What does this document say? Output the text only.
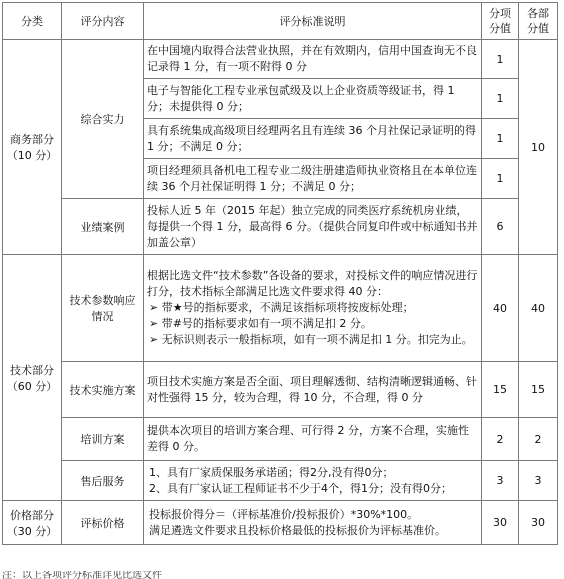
分类	评分内容	评分标准说明	分项分值	各部分值
商务部分（10 分）	综合实力	在中国境内取得合法营业执照，并在有效期内，信用中国查询无不良记录得 1 分，有一项不附得 0 分	1	10
		电子与智能化工程专业承包贰级及以上企业资质等级证书，得 1 分；未提供得 0 分；	1	
		具有系统集成高级项目经理两名且有连续 36 个月社保记录证明的得 1 分；不满足 0 分；	1	
		项目经理须具备机电工程专业二级注册建造师执业资格且在本单位连续 36 个月社保证明得 1 分；不满足 0 分；	1	
	业绩案例	投标人近 5 年（2015 年起）独立完成的同类医疗系统机房业绩，每提供一个得 1 分，最高得 6 分。（提供合同复印件或中标通知书并加盖公章）	6	
技术部分（60 分）	技术参数响应情况	根据比选文件“技术参数”各设备的要求，对投标文件的响应情况进行打分，技术指标全部满足比选文件要求得 40 分：
➢ 带★号的指标要求，不满足该指标项将按废标处理；
➢ 带#号的指标要求如有一项不满足扣 2 分。
➢ 无标识则表示一般指标项，如有一项不满足扣 1 分。扣完为止。	40	40
	技术实施方案	项目技术实施方案是否全面、项目理解透彻、结构清晰逻辑通畅、针对性强得 15 分，较为合理，得 10 分，不合理，得 0 分	15	15
	培训方案	提供本次项目的培训方案合理、可行得 2 分，方案不合理，实施性差得 0 分。	2	2
	售后服务	1、具有厂家质保服务承诺函；得2分,没有得0分；
2、具有厂家认证工程师证书不少于4个，得1分；没有得0分；	3	3
价格部分（30 分）	评标价格	投标报价得分＝（评标基准价/投标报价）*30%*100。
满足遴选文件要求且投标价格最低的投标报价为评标基准价。	30	30
注：以上各项评分标准详见比选文件
